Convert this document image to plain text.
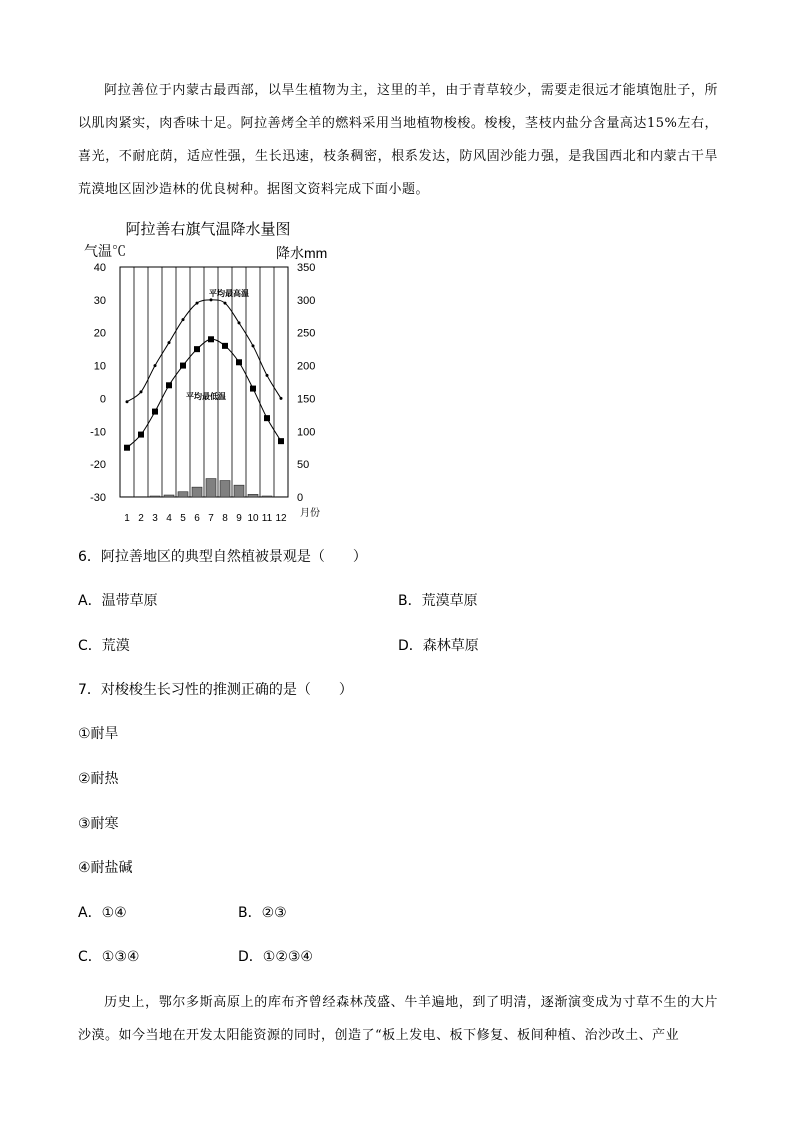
阿拉善位于内蒙古最西部，以旱生植物为主，这里的羊，由于青草较少，需要走很远才能填饱肚子，所以肌肉紧实，肉香味十足。阿拉善烤全羊的燃料采用当地植物梭梭。梭梭，茎枝内盐分含量高达15%左右，喜光，不耐庇荫，适应性强，生长迅速，枝条稠密，根系发达，防风固沙能力强，是我国西北和内蒙古干旱荒漠地区固沙造林的优良树种。据图文资料完成下面小题。
阿拉善右旗气温降水量图
气温℃	降水mm
40
30
20
10
0
-10
-20
-30
350
300
250
200
150
100
50
0
1 2 3 4 5 6 7 8 9 10 11 12 月份
平均最高温
平均最低温
6．阿拉善地区的典型自然植被景观是（　　）
A．温带草原	B．荒漠草原
C．荒漠	D．森林草原
7．对梭梭生长习性的推测正确的是（　　）
①耐旱
②耐热
③耐寒
④耐盐碱
A．①④	B．②③
C．①③④	D．①②③④
历史上，鄂尔多斯高原上的库布齐曾经森林茂盛、牛羊遍地，到了明清，逐渐演变成为寸草不生的大片沙漠。如今当地在开发太阳能资源的同时，创造了“板上发电、板下修复、板间种植、治沙改土、产业
